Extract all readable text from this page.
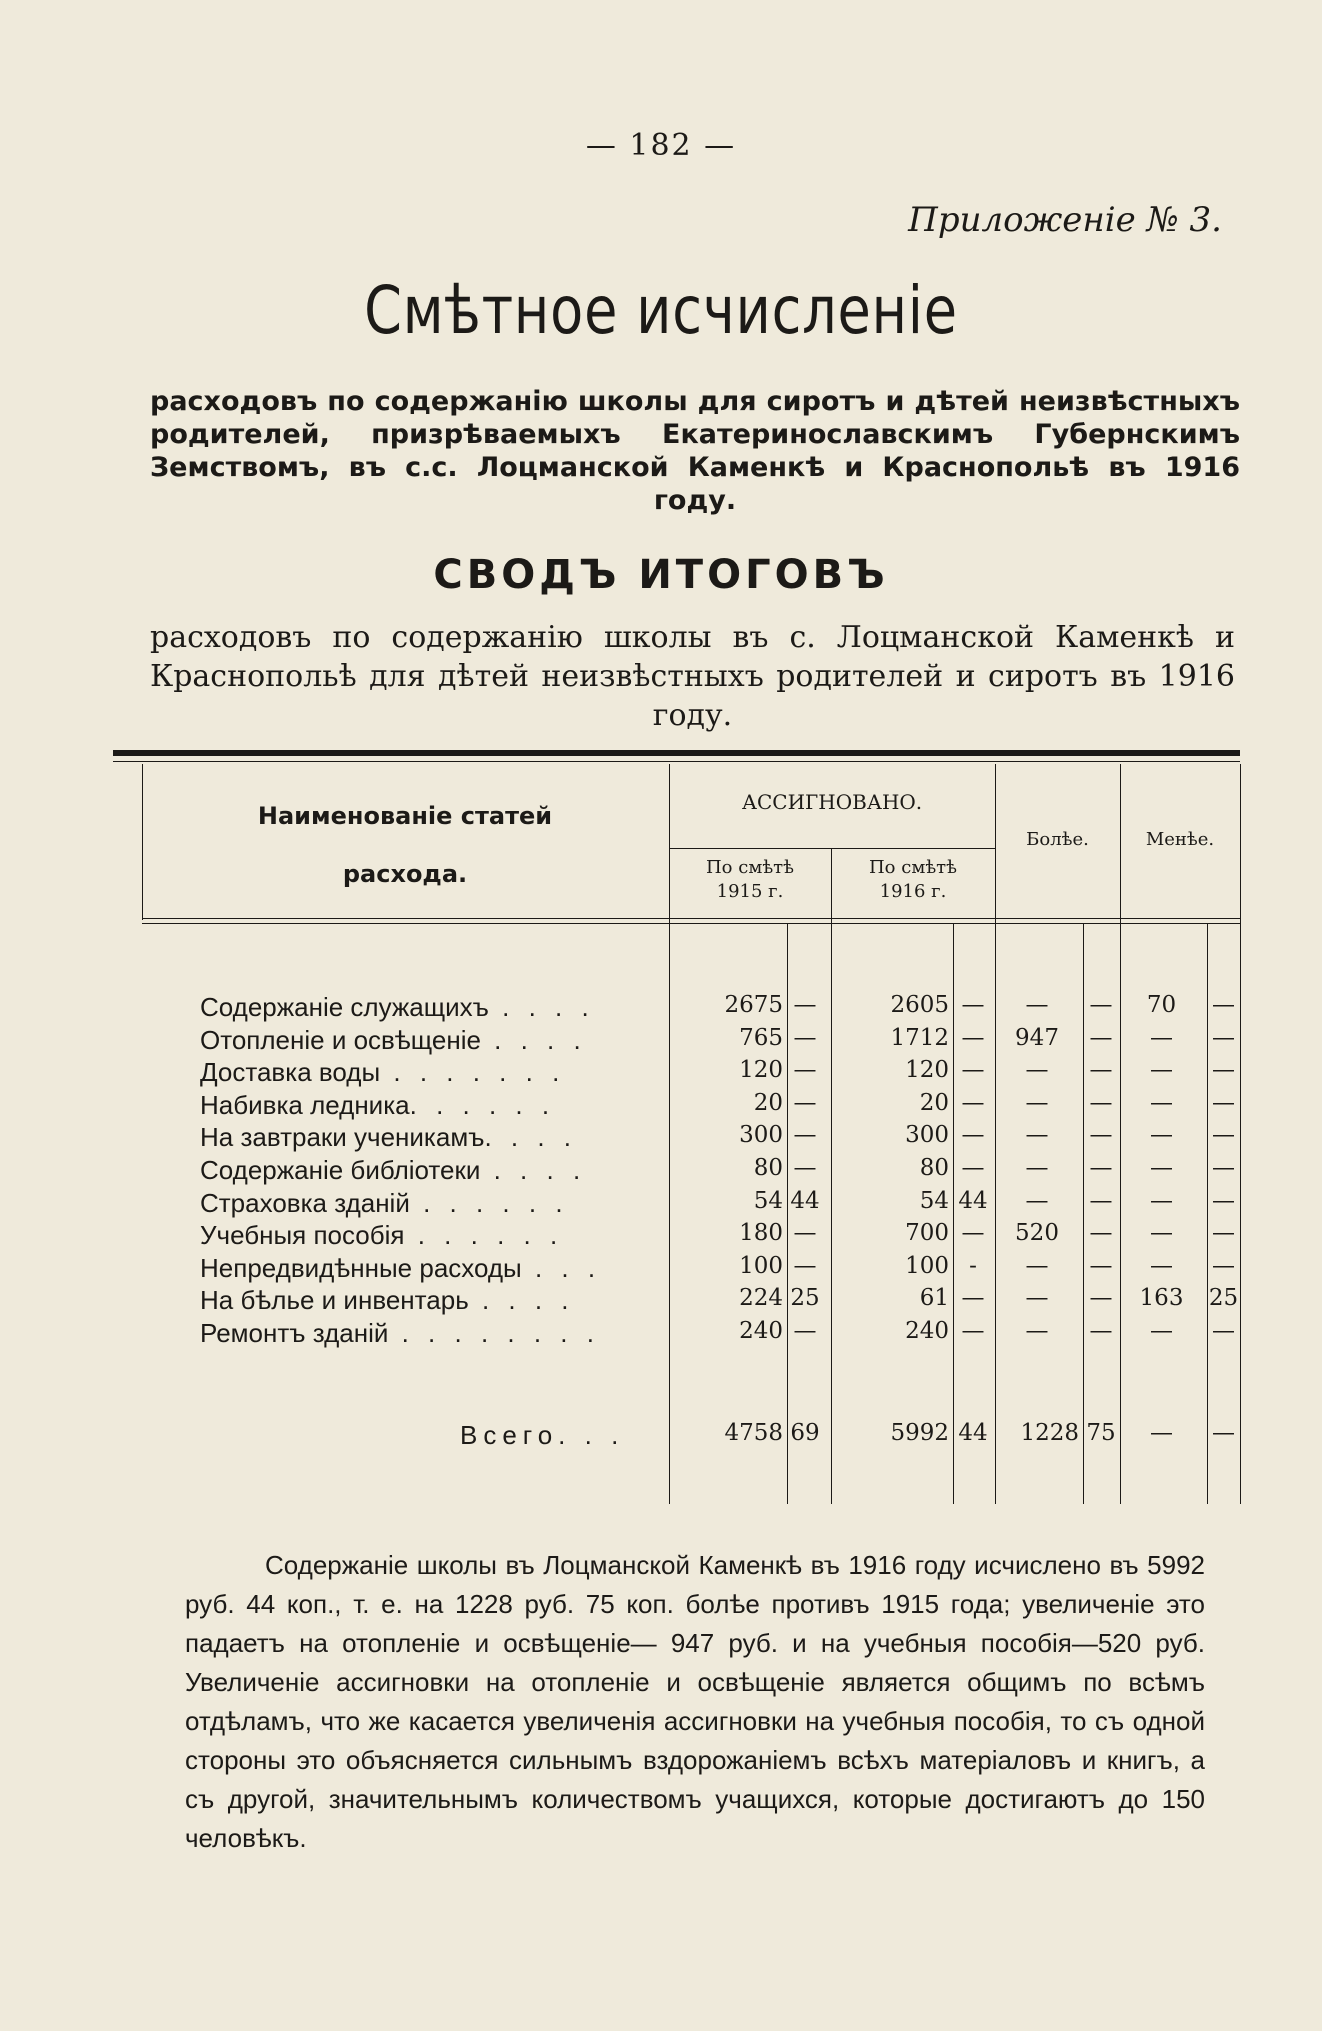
— 182 —
Приложенiе № 3.
Смѣтное исчисленiе
расходовъ по содержанiю школы для сиротъ и дѣтей неизвѣстныхъ родителей, призрѣваемыхъ Екатеринославскимъ Губернскимъ Земствомъ, въ с.с. Лоцманской Каменкѣ и Краснопольѣ въ 1916 году.
СВОДЪ ИТОГОВЪ
расходовъ по содержанiю школы въ с. Лоцманской Каменкѣ и Краснопольѣ для дѣтей неизвѣстныхъ родителей и сиротъ въ 1916 году.
Наименованiе статей
расхода.
АССИГНОВАНО.
По смѣтѣ
1915 г.
По смѣтѣ
1916 г.
Болѣе.	Менѣе.
Содержанiе служащихъ . . . .	2675 —	2605 —	—	—	70	—
Отопленiе и освѣщенiе . . . .	765 —	1712 —	947	—	—	—
Доставка воды . . . . . . .	120 —	120 —	—	—	—	—
Набивка ледника. . . . . .	20 —	20 —	—	—	—	—
На завтраки ученикамъ. . . .	300 —	300 —	—	—	—	—
Содержанiе библiотеки . . . .	80 —	80 —	—	—	—	—
Страховка зданiй . . . . . .	54 44	54 44	—	—	—	—
Учебныя пособiя . . . . . .	180 —	700 —	520	—	—	—
Непредвидѣнные расходы . . .	100 —	100 -	—	—	—	—
На бѣлье и инвентарь . . . .	224 25	61 —	—	—	163	25
Ремонтъ зданiй . . . . . . . .	240 —	240 —	—	—	—	—
Всего. . .	4758 69	5992 44	1228 75	—	—
Содержанiе школы въ Лоцманской Каменкѣ въ 1916 году исчислено въ 5992 руб. 44 коп., т. е. на 1228 руб. 75 коп. болѣе противъ 1915 года; увеличенiе это падаетъ на отопленiе и освѣщенiе— 947 руб. и на учебныя пособiя—520 руб. Увеличенiе ассигновки на отопленiе и освѣщенiе является общимъ по всѣмъ отдѣламъ, что же касается увеличенiя ассигновки на учебныя пособiя, то съ одной стороны это объясняется сильнымъ вздорожанiемъ всѣхъ матерiаловъ и книгъ, а съ другой, значительнымъ количествомъ учащихся, которые достигаютъ до 150 человѣкъ.
